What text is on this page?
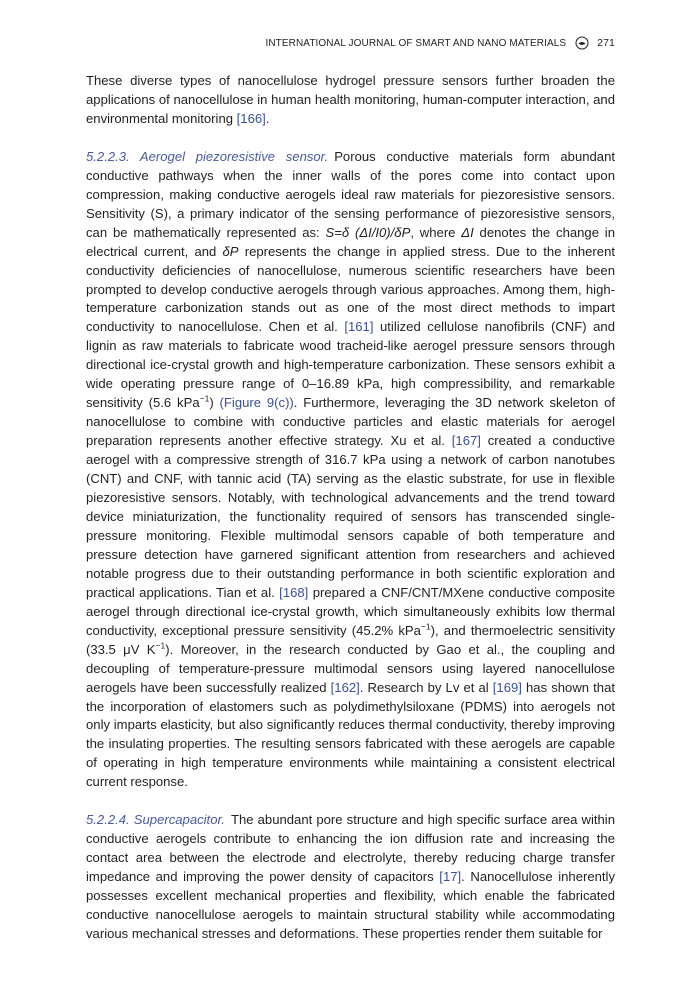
INTERNATIONAL JOURNAL OF SMART AND NANO MATERIALS	271

These diverse types of nanocellulose hydrogel pressure sensors further broaden the applications of nanocellulose in human health monitoring, human-computer interaction, and environmental monitoring [ 166 ] .

5.2.2.3. Aerogel piezoresistive sensor. Porous conductive materials form abundant conductive pathways when the inner walls of the pores come into contact upon compression, making conductive aerogels ideal raw materials for piezoresistive sensors. Sensitivity (S), a primary indicator of the sensing performance of piezoresistive sensors, can be mathematically represented as: S=δ (ΔI/I0)/δP, where ΔI denotes the change in electrical current, and δP represents the change in applied stress. Due to the inherent conductivity deficiencies of nanocellulose, numerous scientific researchers have been prompted to develop conductive aerogels through various approaches. Among them, high-temperature carbonization stands out as one of the most direct methods to impart conductivity to nanocellulose. Chen et al. [ 161 ] utilized cellulose nanofibrils (CNF) and lignin as raw materials to fabricate wood tracheid-like aerogel pressure sensors through directional ice-crystal growth and high-temperature carbonization. These sensors exhibit a wide operating pressure range of 0–16.89 kPa, high compressibility, and remarkable sensitivity (5.6 kPa$^{-1}$) (Figure 9(c)). Furthermore, leveraging the 3D network skeleton of nanocellulose to combine with conductive particles and elastic materials for aerogel preparation represents another effective strategy. Xu et al. [ 167 ] created a conductive aerogel with a compressive strength of 316.7 kPa using a network of carbon nanotubes (CNT) and CNF, with tannic acid (TA) serving as the elastic substrate, for use in flexible piezoresistive sensors. Notably, with technological advancements and the trend toward device miniaturization, the functionality required of sensors has transcended single-pressure monitoring. Flexible multimodal sensors capable of both temperature and pressure detection have garnered significant attention from researchers and achieved notable progress due to their outstanding performance in both scientific exploration and practical applications. Tian et al. [ 168 ] prepared a CNF/CNT/MXene conductive composite aerogel through directional ice-crystal growth, which simultaneously exhibits low thermal conductivity, exceptional pressure sensitivity (45.2% kPa$^{-1}$), and thermoelectric sensitivity (33.5 μV $K^{-1}$). Moreover, in the research conducted by Gao et al., the coupling and decoupling of temperature-pressure multimodal sensors using layered nanocellulose aerogels have been successfully realized [ 162 ] . Research by Lv et al [ 169 ] has shown that the incorporation of elastomers such as polydimethylsiloxane (PDMS) into aerogels not only imparts elasticity, but also significantly reduces thermal conductivity, thereby improving the insulating properties. The resulting sensors fabricated with these aerogels are capable of operating in high temperature environments while maintaining a consistent electrical current response.

5.2.2.4. Supercapacitor. The abundant pore structure and high specific surface area within conductive aerogels contribute to enhancing the ion diffusion rate and increasing the contact area between the electrode and electrolyte, thereby reducing charge transfer impedance and improving the power density of capacitors [ 17 ] . Nanocellulose inherently possesses excellent mechanical properties and flexibility, which enable the fabricated conductive nanocellulose aerogels to maintain structural stability while accommodating various mechanical stresses and deformations. These properties render them suitable for
